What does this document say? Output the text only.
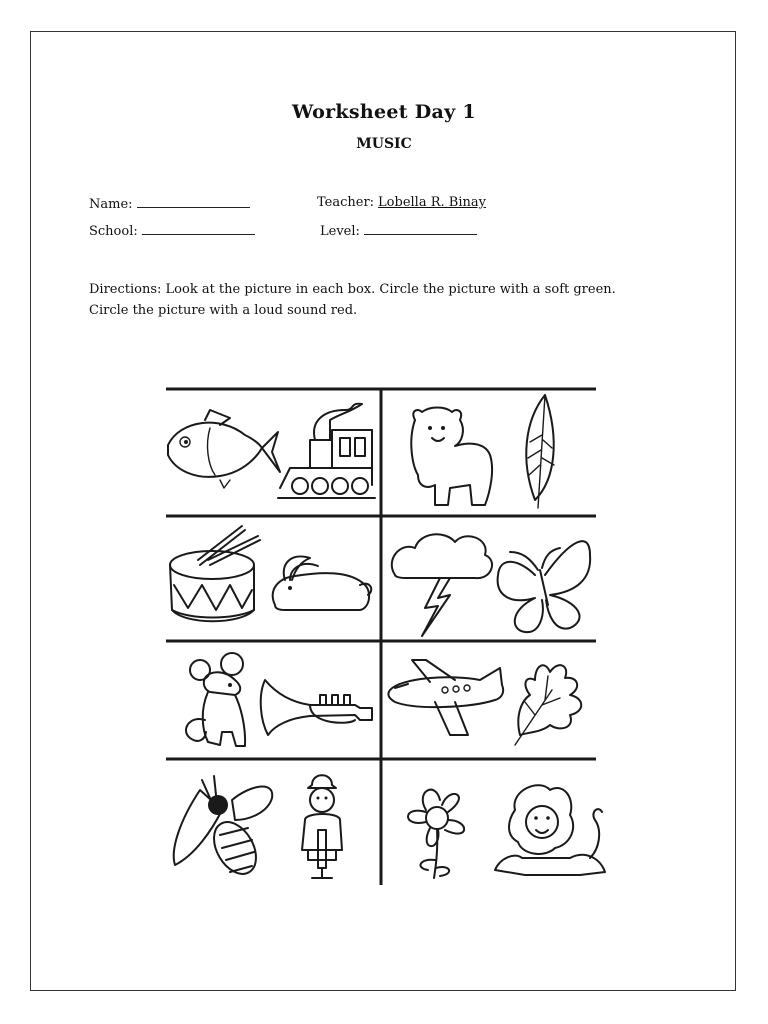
Worksheet Day 1
MUSIC
Name:	Teacher: Lobella R. Binay
School:	Level:
Directions: Look at the picture in each box. Circle the picture with a soft green.
Circle the picture with a loud sound red.
